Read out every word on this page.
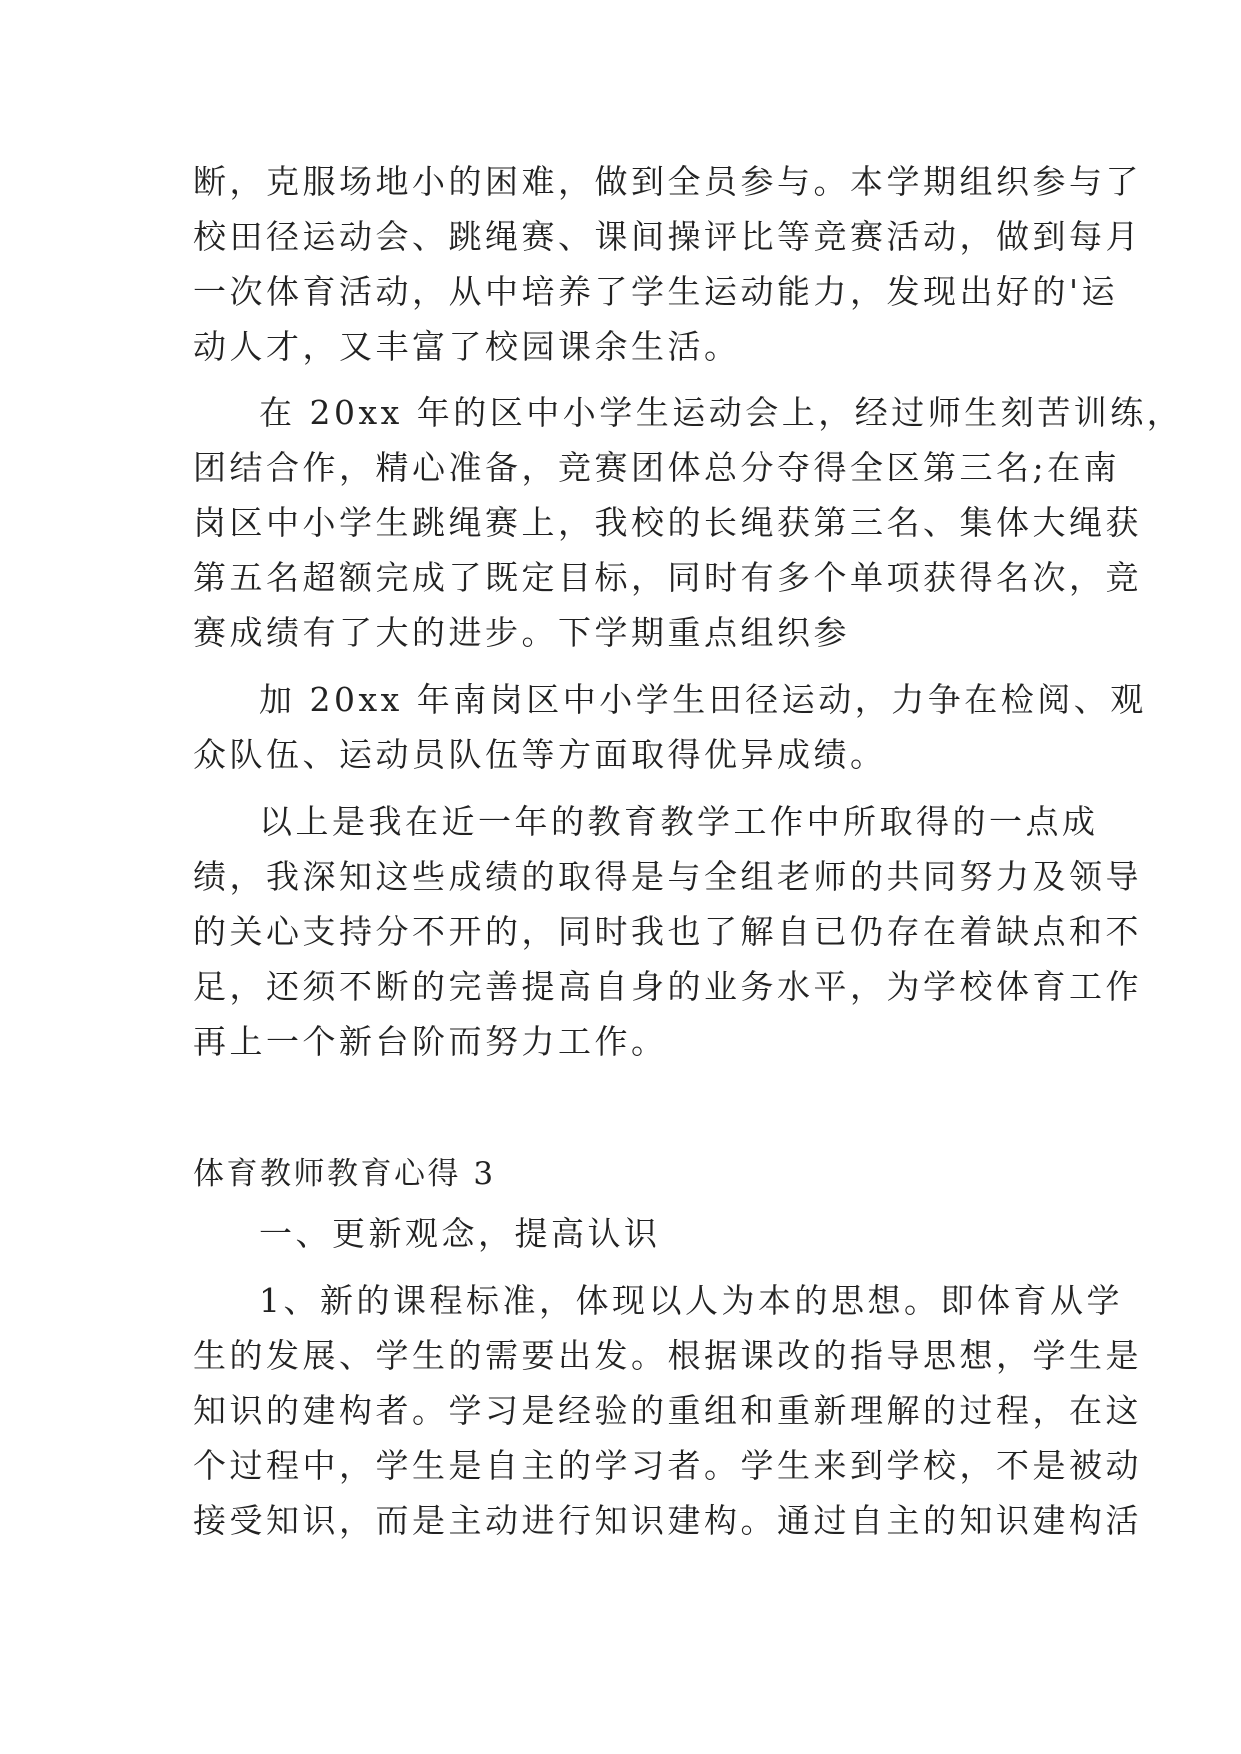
断，克服场地小的困难，做到全员参与。本学期组织参与了
校田径运动会、跳绳赛、课间操评比等竞赛活动，做到每月
一次体育活动，从中培养了学生运动能力，发现出好的'运
动人才，又丰富了校园课余生活。
在 20xx 年的区中小学生运动会上，经过师生刻苦训练，
团结合作，精心准备，竞赛团体总分夺得全区第三名;在南
岗区中小学生跳绳赛上，我校的长绳获第三名、集体大绳获
第五名超额完成了既定目标，同时有多个单项获得名次，竞
赛成绩有了大的进步。下学期重点组织参
加 20xx 年南岗区中小学生田径运动，力争在检阅、观
众队伍、运动员队伍等方面取得优异成绩。
以上是我在近一年的教育教学工作中所取得的一点成
绩，我深知这些成绩的取得是与全组老师的共同努力及领导
的关心支持分不开的，同时我也了解自已仍存在着缺点和不
足，还须不断的完善提高自身的业务水平，为学校体育工作
再上一个新台阶而努力工作。
体育教师教育心得 3
一、更新观念，提高认识
1、新的课程标准，体现以人为本的思想。即体育从学
生的发展、学生的需要出发。根据课改的指导思想，学生是
知识的建构者。学习是经验的重组和重新理解的过程，在这
个过程中，学生是自主的学习者。学生来到学校，不是被动
接受知识，而是主动进行知识建构。通过自主的知识建构活
